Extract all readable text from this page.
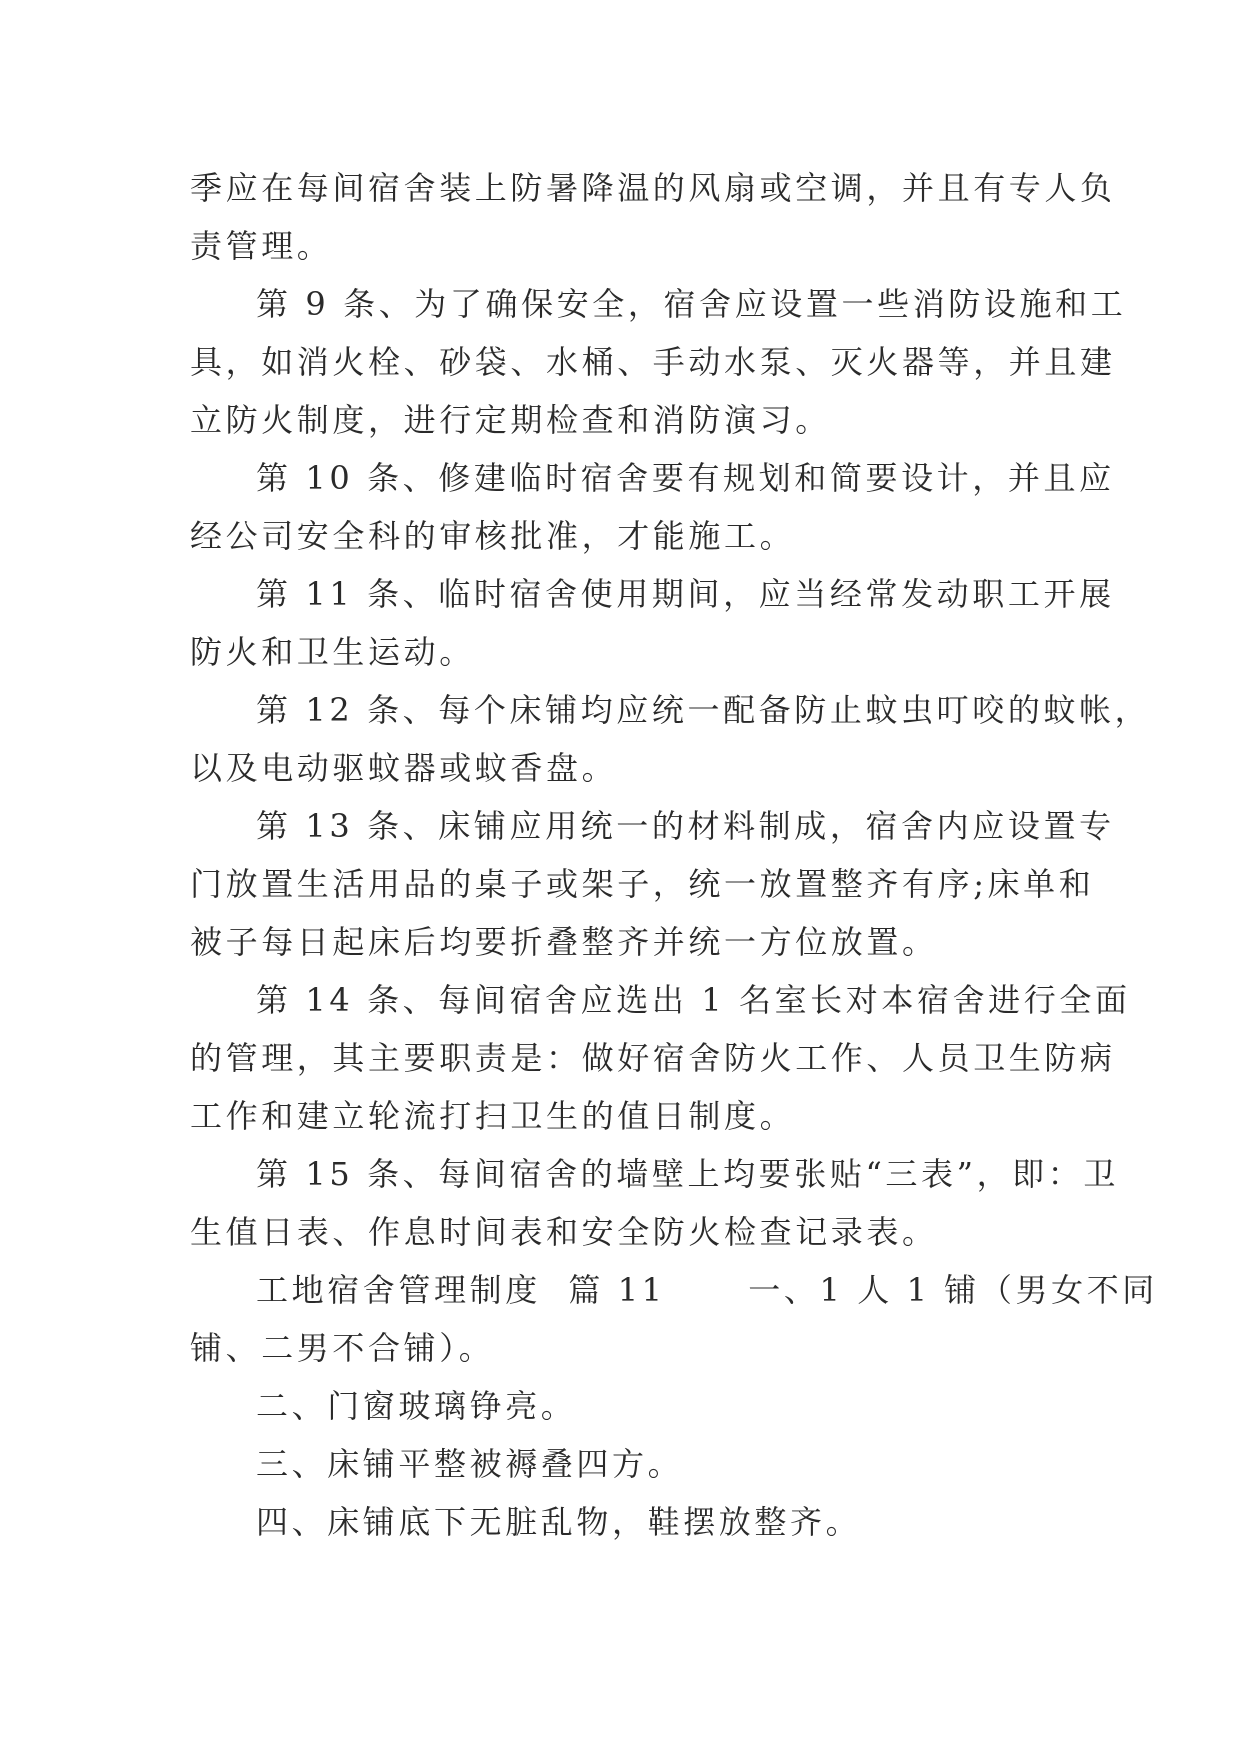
季应在每间宿舍装上防暑降温的风扇或空调，并且有专人负
责管理。
第 9 条、为了确保安全，宿舍应设置一些消防设施和工
具，如消火栓、砂袋、水桶、手动水泵、灭火器等，并且建
立防火制度，进行定期检查和消防演习。
第 10 条、修建临时宿舍要有规划和简要设计，并且应
经公司安全科的审核批准，才能施工。
第 11 条、临时宿舍使用期间，应当经常发动职工开展
防火和卫生运动。
第 12 条、每个床铺均应统一配备防止蚊虫叮咬的蚊帐，
以及电动驱蚊器或蚊香盘。
第 13 条、床铺应用统一的材料制成，宿舍内应设置专
门放置生活用品的桌子或架子，统一放置整齐有序;床单和
被子每日起床后均要折叠整齐并统一方位放置。
第 14 条、每间宿舍应选出 1 名室长对本宿舍进行全面
的管理，其主要职责是：做好宿舍防火工作、人员卫生防病
工作和建立轮流打扫卫生的值日制度。
第 15 条、每间宿舍的墙壁上均要张贴“三表”，即：卫
生值日表、作息时间表和安全防火检查记录表。
工地宿舍管理制度  篇 11      一、1 人 1 铺（男女不同
铺、二男不合铺）。
二、门窗玻璃铮亮。
三、床铺平整被褥叠四方。
四、床铺底下无脏乱物，鞋摆放整齐。
